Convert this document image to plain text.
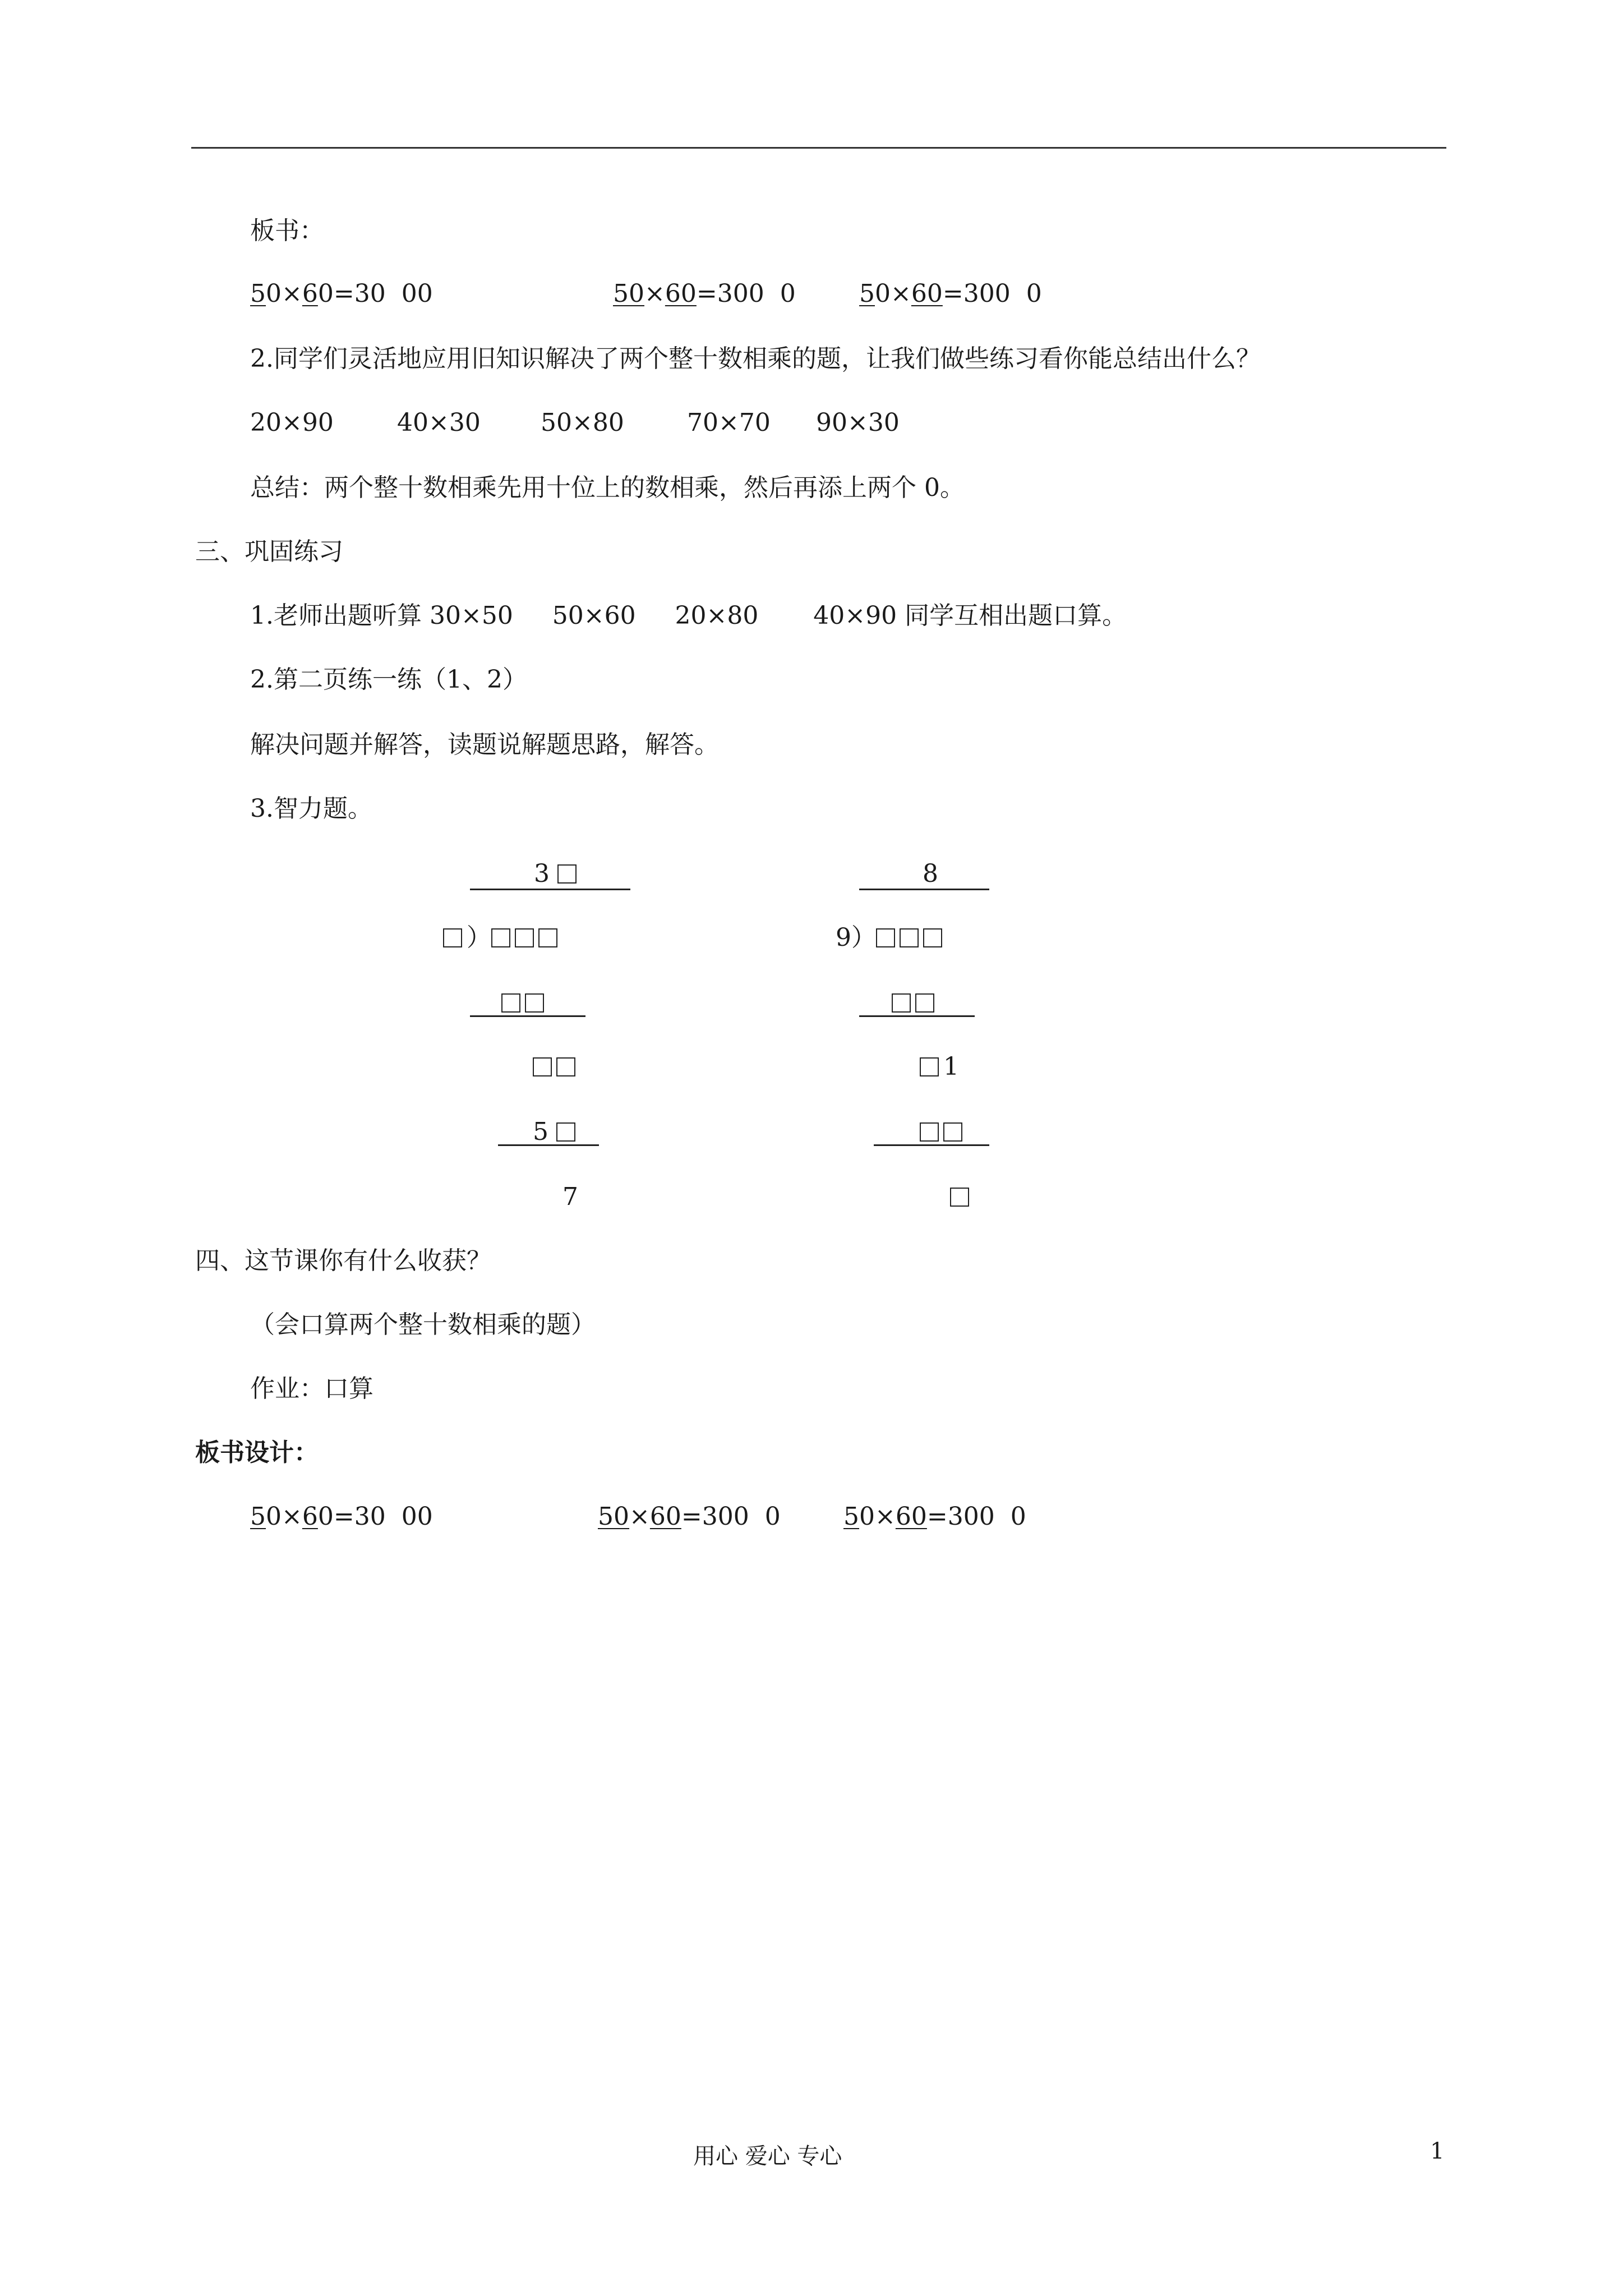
板书：
50×60=30  00	50×60=300  0	50×60=300  0
2.同学们灵活地应用旧知识解决了两个整十数相乘的题，让我们做些练习看你能总结出什么？
20×90	40×30 50×80	70×70 90×30
总结：两个整十数相乘先用十位上的数相乘，然后再添上两个 0。
三、巩固练习
1.老师出题听算 30×50     50×60     20×80       40×90 同学互相出题口算。
2.第二页练一练（1、2）
解决问题并解答，读题说解题思路，解答。
3.智力题。
3
）
5
7
8
9）
1
四、这节课你有什么收获？
（会口算两个整十数相乘的题）
作业：口算
板书设计：
50×60=30  00	50×60=300  0	50×60=300  0
用心 爱心 专心	1
